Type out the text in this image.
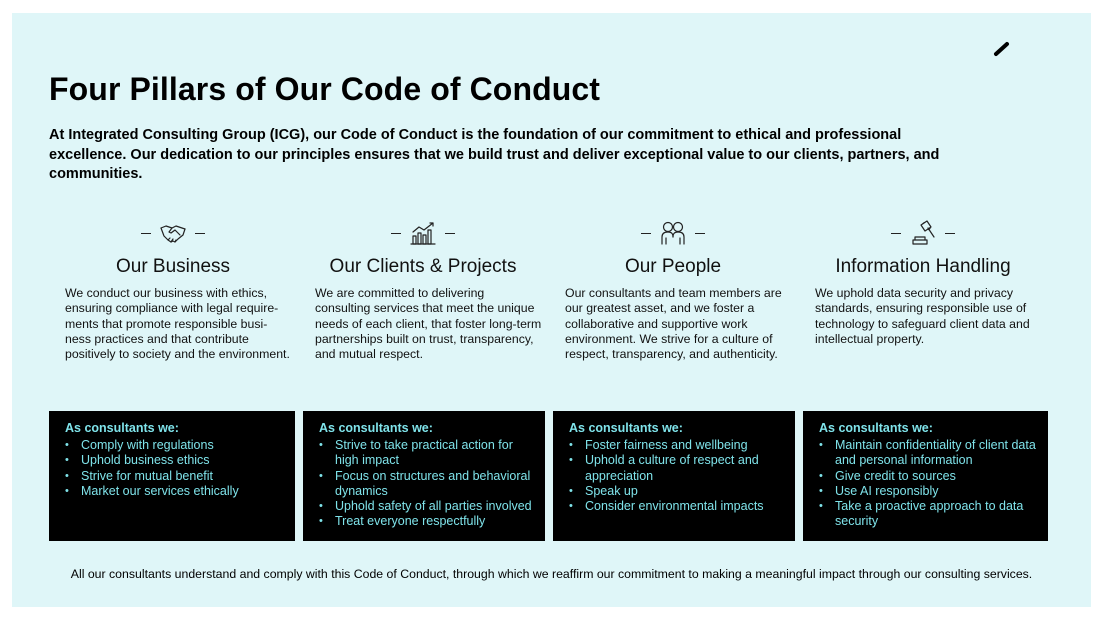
Four Pillars of Our Code of Conduct

At Integrated Consulting Group (ICG), our Code of Conduct is the foundation of our commitment to ethical and professional excellence. Our dedication to our principles ensures that we build trust and deliver exceptional value to our clients, partners, and communities.

Our Business

We conduct our business with ethics, ensuring compliance with legal require-ments that promote responsible busi-ness practices and that contribute positively to society and the environment.

Our Clients & Projects

We are committed to delivering consulting services that meet the unique needs of each client, that foster long-term partnerships built on trust, transparency, and mutual respect.

Our People

Our consultants and team members are our greatest asset, and we foster a collaborative and supportive work environment. We strive for a culture of respect, transparency, and authenticity.

Information Handling

We uphold data security and privacy standards, ensuring responsible use of technology to safeguard client data and intellectual property.

As consultants we:

• Comply with regulations
• Uphold business ethics
• Strive for mutual benefit
• Market our services ethically

As consultants we:

• Strive to take practical action for high impact
• Focus on structures and behavioral dynamics
• Uphold safety of all parties involved
• Treat everyone respectfully

As consultants we:

• Foster fairness and wellbeing
• Uphold a culture of respect and appreciation
• Speak up
• Consider environmental impacts

As consultants we:

• Maintain confidentiality of client data and personal information
• Give credit to sources
• Use AI responsibly
• Take a proactive approach to data security

All our consultants understand and comply with this Code of Conduct, through which we reaffirm our commitment to making a meaningful impact through our consulting services.
